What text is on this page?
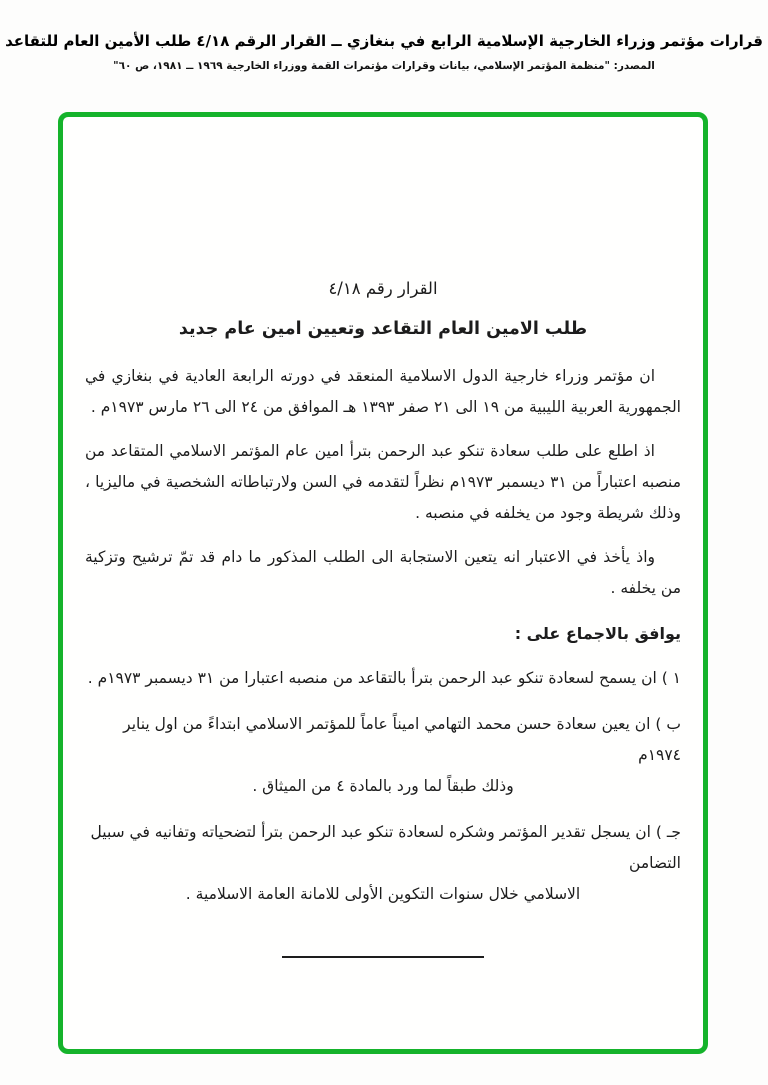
قرارات مؤتمر وزراء الخارجية الإسلامية الرابع في بنغازي ــ القرار الرقم ٤/١٨ طلب الأمين العام للتقاعد
المصدر: "منظمة المؤتمر الإسلامي، بيانات وقرارات مؤتمرات القمة ووزراء الخارجية ١٩٦٩ ــ ١٩٨١، ص ٦٠"
القرار رقم ٤/١٨
طلب الامين العام التقاعد وتعيين امين عام جديد

ان مؤتمر وزراء خارجية الدول الاسلامية المنعقد في دورته الرابعة العادية في بنغازي في الجمهورية العربية الليبية من ١٩ الى ٢١ صفر ١٣٩٣ هـ الموافق من ٢٤ الى ٢٦ مارس ١٩٧٣م .

اذ اطلع على طلب سعادة تنكو عبد الرحمن بترأ امين عام المؤتمر الاسلامي المتقاعد من منصبه اعتباراً من ٣١ ديسمبر ١٩٧٣م نظراً لتقدمه في السن ولارتباطاته الشخصية في ماليزيا ، وذلك شريطة وجود من يخلفه في منصبه .

واذ يأخذ في الاعتبار انه يتعين الاستجابة الى الطلب المذكور ما دام قد تمّ ترشيح وتزكية من يخلفه .

يوافق بالاجماع على :
١ ) ان يسمح لسعادة تنكو عبد الرحمن بترأ بالتقاعد من منصبه اعتبارا من ٣١ ديسمبر ١٩٧٣م .
ب ) ان يعين سعادة حسن محمد التهامي اميناً عاماً للمؤتمر الاسلامي ابتداءً من اول يناير ١٩٧٤م
وذلك طبقاً لما ورد بالمادة ٤ من الميثاق .
جـ ) ان يسجل تقدير المؤتمر وشكره لسعادة تنكو عبد الرحمن بترأ لتضحياته وتفانيه في سبيل التضامن
الاسلامي خلال سنوات التكوين الأولى للامانة العامة الاسلامية .
